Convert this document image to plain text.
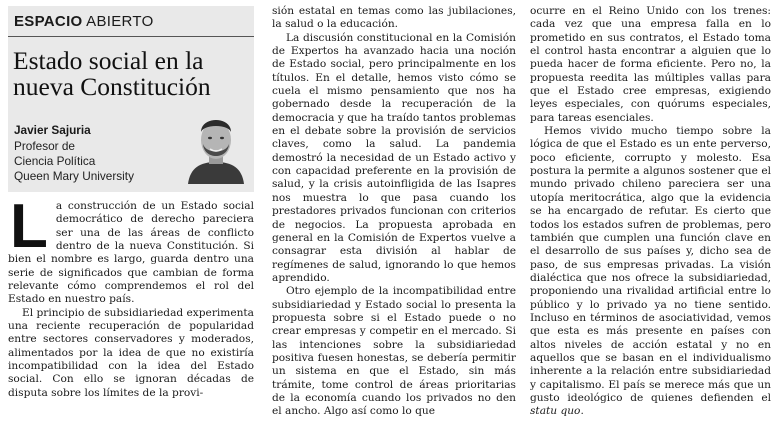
ESPACIO ABIERTO
Estado social en la
nueva Constitución
Javier Sajuria
Profesor de
Ciencia Política
Queen Mary University

La construcción de un Estado social democrático de derecho pareciera ser una de las áreas de conflicto dentro de la nueva Constitución. Si bien el nombre es largo, guarda dentro una serie de significados que cambian de forma relevante cómo comprendemos el rol del Estado en nuestro país.

El principio de subsidiariedad experimenta una reciente recuperación de popularidad entre sectores conservadores y moderados, alimentados por la idea de que no existiría incompatibilidad con la idea del Estado social. Con ello se ignoran décadas de disputa sobre los límites de la provi-

sión estatal en temas como las jubilaciones, la salud o la educación.

La discusión constitucional en la Comisión de Expertos ha avanzado hacia una noción de Estado social, pero principalmente en los títulos. En el detalle, hemos visto cómo se cuela el mismo pensamiento que nos ha gobernado desde la recuperación de la democracia y que ha traído tantos problemas en el debate sobre la provisión de servicios claves, como la salud. La pandemia demostró la necesidad de un Estado activo y con capacidad preferente en la provisión de salud, y la crisis autoinfligida de las Isapres nos muestra lo que pasa cuando los prestadores privados funcionan con criterios de negocios. La propuesta aprobada en general en la Comisión de Expertos vuelve a consagrar esta división al hablar de regímenes de salud, ignorando lo que hemos aprendido.

Otro ejemplo de la incompatibilidad entre subsidiariedad y Estado social lo presenta la propuesta sobre si el Estado puede o no crear empresas y competir en el mercado. Si las intenciones sobre la subsidiariedad positiva fuesen honestas, se debería permitir un sistema en que el Estado, sin más trámite, tome control de áreas prioritarias de la economía cuando los privados no den el ancho. Algo así como lo que

ocurre en el Reino Unido con los trenes: cada vez que una empresa falla en lo prometido en sus contratos, el Estado toma el control hasta encontrar a alguien que lo pueda hacer de forma eficiente. Pero no, la propuesta reedita las múltiples vallas para que el Estado cree empresas, exigiendo leyes especiales, con quórums especiales, para tareas esenciales.

Hemos vivido mucho tiempo sobre la lógica de que el Estado es un ente perverso, poco eficiente, corrupto y molesto. Esa postura la permite a algunos sostener que el mundo privado chileno pareciera ser una utopía meritocrática, algo que la evidencia se ha encargado de refutar. Es cierto que todos los estados sufren de problemas, pero también que cumplen una función clave en el desarrollo de sus países y, dicho sea de paso, de sus empresas privadas. La visión dialéctica que nos ofrece la subsidiariedad, proponiendo una rivalidad artificial entre lo público y lo privado ya no tiene sentido. Incluso en términos de asociatividad, vemos que esta es más presente en países con altos niveles de acción estatal y no en aquellos que se basan en el individualismo inherente a la relación entre subsidiariedad y capitalismo. El país se merece más que un gusto ideológico de quienes defienden el statu quo.
